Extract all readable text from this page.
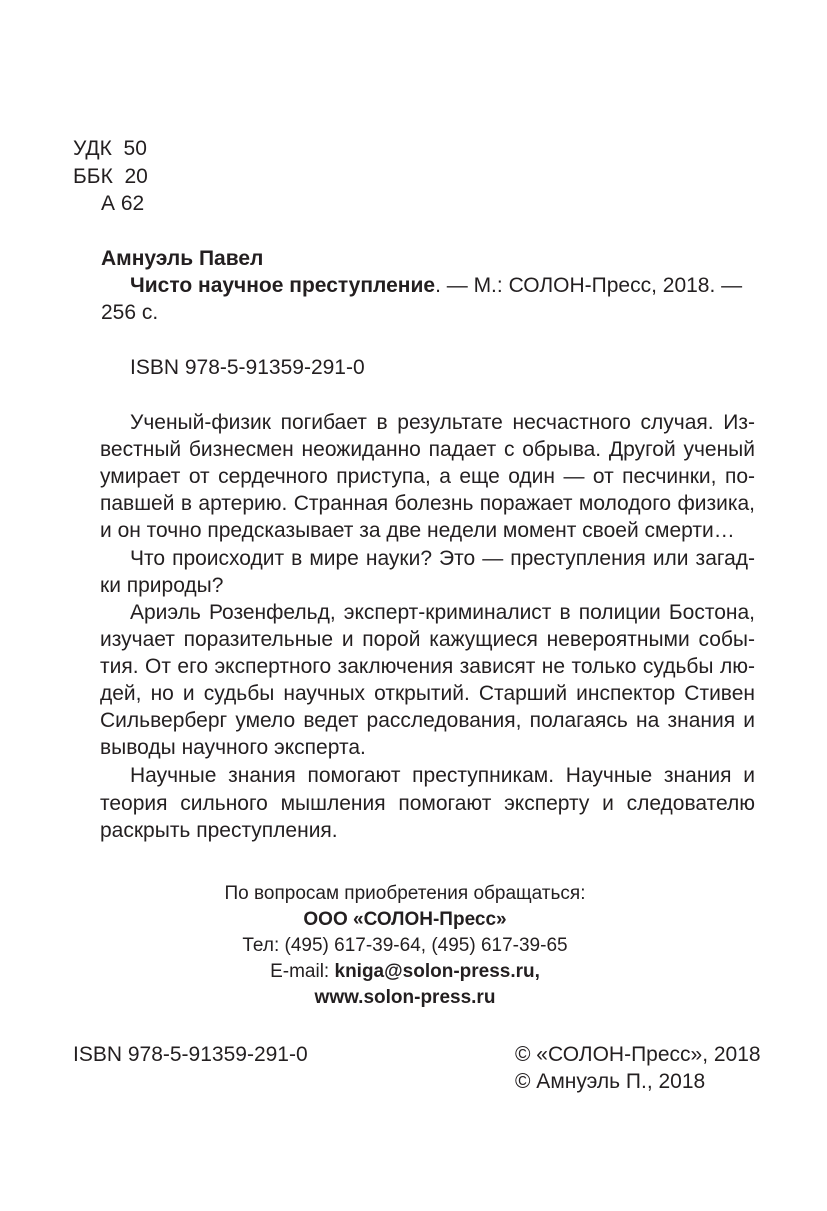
УДК 50
ББК 20
А 62
Амнуэль Павел
Чисто научное преступление. — М.: СОЛОН-Пресс, 2018. —
256 с.
ISBN 978-5-91359-291-0
Ученый-физик погибает в результате несчастного случая. Из-
вестный бизнесмен неожиданно падает с обрыва. Другой ученый
умирает от сердечного приступа, а еще один — от песчинки, по-
павшей в артерию. Странная болезнь поражает молодого физика,
и он точно предсказывает за две недели момент своей смерти…
Что происходит в мире науки? Это — преступления или загад-
ки природы?
Ариэль Розенфельд, эксперт-криминалист в полиции Бостона,
изучает поразительные и порой кажущиеся невероятными собы-
тия. От его экспертного заключения зависят не только судьбы лю-
дей, но и судьбы научных открытий. Старший инспектор Стивен
Сильверберг умело ведет расследования, полагаясь на знания и
выводы научного эксперта.
Научные знания помогают преступникам. Научные знания и
теория сильного мышления помогают эксперту и следователю
раскрыть преступления.
По вопросам приобретения обращаться:
ООО «СОЛОН-Пресс»
Тел: (495) 617-39-64, (495) 617-39-65
E-mail: kniga@solon-press.ru,
www.solon-press.ru
ISBN 978-5-91359-291-0	© «СОЛОН-Пресс», 2018
© Амнуэль П., 2018
